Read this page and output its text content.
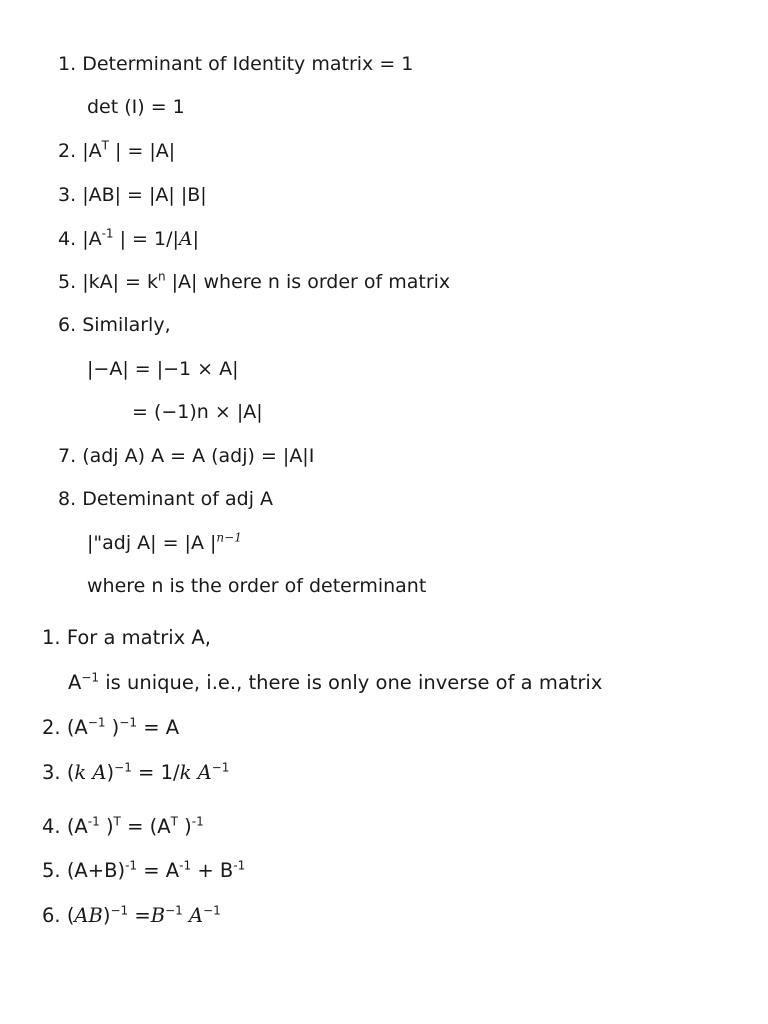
1. Determinant of Identity matrix = 1
det (I) = 1
2. $|A^T$ | = |A|
3. |AB| = |A| |B|
4. $|A^{-1}$ | = 1/|A|
5. $|kA| = k^n$ |A| where n is order of matrix
6. Similarly,
|−A| = |−1 × A|
= (−1)n × |A|
7. (adj A) A = A (adj) = |A|I
8. Deteminant of adj A
|"adj A| = |A $|^{n-1}$
where n is the order of determinant
1. For a matrix A,
$A^{-1}$ is unique, i.e., there is only one inverse of a matrix
2. ($A^{-1}$ )$^{-1}$ = A
3. (k A)$^{-1}$ = 1/k $A^{-1}$
4. ($A^{-1}$ )$^T = (A^T$ )$^{-1}$
5. $(A+B)^{-1} = A^{-1} + B^{-1}$
6. $(AB)^{-1} =B^{-1}$ $A^{-1}$
